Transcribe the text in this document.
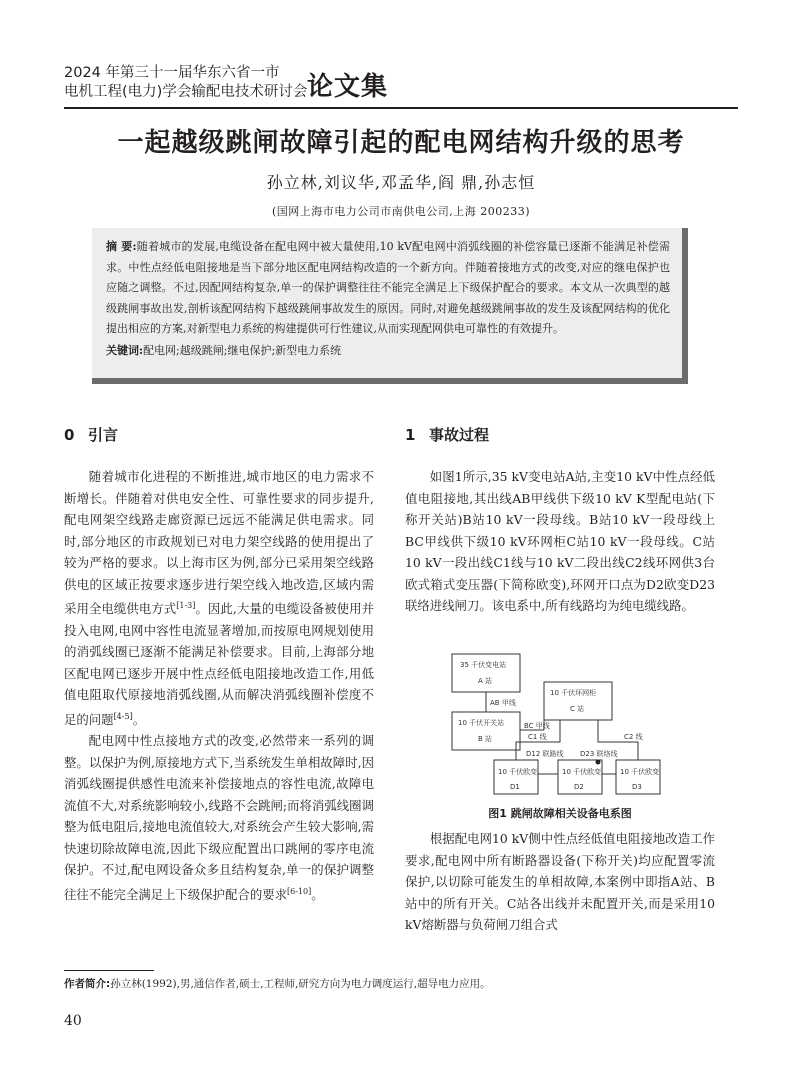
2024 年第三十一届华东六省一市
电机工程(电力)学会输配电技术研讨会 论文集
一起越级跳闸故障引起的配电网结构升级的思考
孙立林,刘议华,邓孟华,阎 鼎,孙志恒
(国网上海市电力公司市南供电公司,上海 200233)

摘 要:随着城市的发展,电缆设备在配电网中被大量使用,10 kV配电网中消弧线圈的补偿容量已逐渐不能满足补偿需求。中性点经低电阻接地是当下部分地区配电网结构改造的一个新方向。伴随着接地方式的改变,对应的继电保护也应随之调整。不过,因配网结构复杂,单一的保护调整往往不能完全满足上下级保护配合的要求。本文从一次典型的越级跳闸事故出发,剖析该配网结构下越级跳闸事故发生的原因。同时,对避免越级跳闸事故的发生及该配网结构的优化提出相应的方案,对新型电力系统的构建提供可行性建议,从而实现配网供电可靠性的有效提升。

关键词:配电网;越级跳闸;继电保护;新型电力系统

0 引言

随着城市化进程的不断推进,城市地区的电力需求不断增长。伴随着对供电安全性、可靠性要求的同步提升,配电网架空线路走廊资源已远远不能满足供电需求。同时,部分地区的市政规划已对电力架空线路的使用提出了较为严格的要求。以上海市区为例,部分已采用架空线路供电的区域正按要求逐步进行架空线入地改造,区域内需采用全电缆供电方式[1-3]。因此,大量的电缆设备被使用并投入电网,电网中容性电流显著增加,而按原电网规划使用的消弧线圈已逐渐不能满足补偿要求。目前,上海部分地区配电网已逐步开展中性点经低电阻接地改造工作,用低值电阻取代原接地消弧线圈,从而解决消弧线圈补偿度不足的问题[4-5]。

配电网中性点接地方式的改变,必然带来一系列的调整。以保护为例,原接地方式下,当系统发生单相故障时,因消弧线圈提供感性电流来补偿接地点的容性电流,故障电流值不大,对系统影响较小,线路不会跳闸;而将消弧线圈调整为低电阻后,接地电流值较大,对系统会产生较大影响,需快速切除故障电流,因此下级应配置出口跳闸的零序电流保护。不过,配电网设备众多且结构复杂,单一的保护调整往往不能完全满足上下级保护配合的要求[6-10]。

1 事故过程

如图1所示,35 kV变电站A站,主变10 kV中性点经低值电阻接地,其出线AB甲线供下级10 kV K型配电站(下称开关站)B站10 kV一段母线。B站10 kV一段母线上BC甲线供下级10 kV环网柜C站10 kV一段母线。C站10 kV一段出线C1线与10 kV二段出线C2线环网供3台欧式箱式变压器(下简称欧变),环网开口点为D2欧变D23联络进线闸刀。该电系中,所有线路均为纯电缆线路。

35 千伏变电站
A 站
AB 甲线
10 千伏开关站
B 站
BC 甲线
10 千伏环网柜
C 站
C1 线	C2 线
D12 联路线 D23 联络线
10 千伏欧变
D1
10 千伏欧变
D2
10 千伏欧变
D3
图1 跳闸故障相关设备电系图

根据配电网10 kV侧中性点经低值电阻接地改造工作要求,配电网中所有断路器设备(下称开关)均应配置零流保护,以切除可能发生的单相故障,本案例中即指A站、B站中的所有开关。C站各出线并未配置开关,而是采用10 kV熔断器与负荷闸刀组合式

作者简介:孙立林(1992),男,通信作者,硕士,工程师,研究方向为电力调度运行,超导电力应用。

40
